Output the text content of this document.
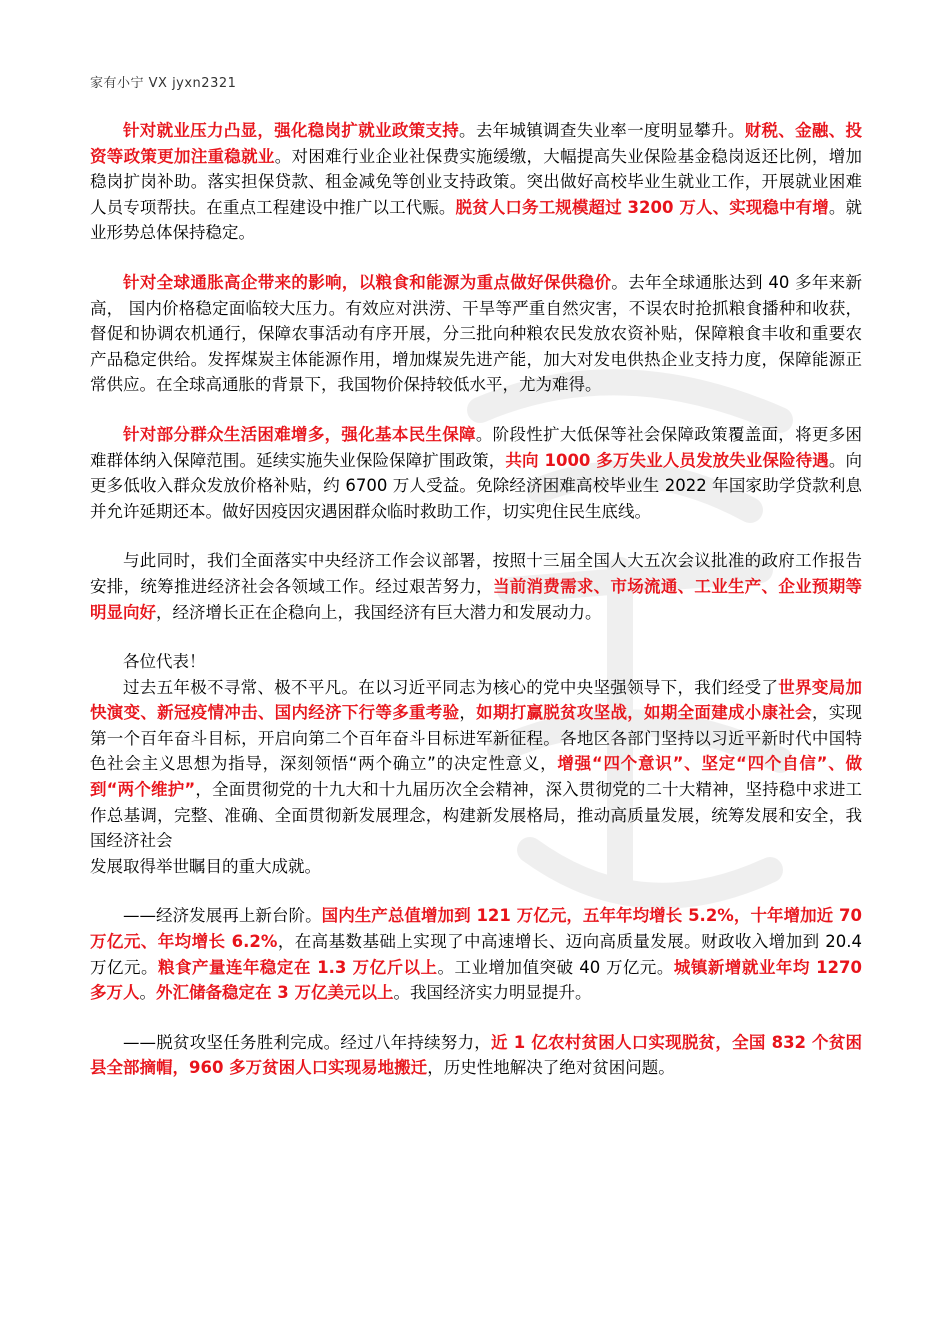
家有小宁 VX jyxn2321

针对就业压力凸显，强化稳岗扩就业政策支持。去年城镇调查失业率一度明显攀升。财税、金融、投资等政策更加注重稳就业。对困难行业企业社保费实施缓缴，大幅提高失业保险基金稳岗返还比例，增加稳岗扩岗补助。落实担保贷款、租金减免等创业支持政策。突出做好高校毕业生就业工作，开展就业困难人员专项帮扶。在重点工程建设中推广以工代赈。脱贫人口务工规模超过 3200 万人、实现稳中有增。就业形势总体保持稳定。

针对全球通胀高企带来的影响，以粮食和能源为重点做好保供稳价。去年全球通胀达到 40 多年来新高， 国内价格稳定面临较大压力。有效应对洪涝、干旱等严重自然灾害，不误农时抢抓粮食播种和收获，督促和协调农机通行，保障农事活动有序开展，分三批向种粮农民发放农资补贴，保障粮食丰收和重要农产品稳定供给。发挥煤炭主体能源作用，增加煤炭先进产能，加大对发电供热企业支持力度，保障能源正常供应。在全球高通胀的背景下，我国物价保持较低水平，尤为难得。

针对部分群众生活困难增多，强化基本民生保障。阶段性扩大低保等社会保障政策覆盖面，将更多困难群体纳入保障范围。延续实施失业保险保障扩围政策，共向 1000 多万失业人员发放失业保险待遇。向更多低收入群众发放价格补贴，约 6700 万人受益。免除经济困难高校毕业生 2022 年国家助学贷款利息并允许延期还本。做好因疫因灾遇困群众临时救助工作，切实兜住民生底线。

与此同时，我们全面落实中央经济工作会议部署，按照十三届全国人大五次会议批准的政府工作报告安排，统筹推进经济社会各领域工作。经过艰苦努力，当前消费需求、市场流通、工业生产、企业预期等明显向好，经济增长正在企稳向上，我国经济有巨大潜力和发展动力。

各位代表！

过去五年极不寻常、极不平凡。在以习近平同志为核心的党中央坚强领导下，我们经受了世界变局加快演变、新冠疫情冲击、国内经济下行等多重考验，如期打赢脱贫攻坚战，如期全面建成小康社会，实现第一个百年奋斗目标，开启向第二个百年奋斗目标进军新征程。各地区各部门坚持以习近平新时代中国特色社会主义思想为指导，深刻领悟“两个确立”的决定性意义，增强“四个意识”、坚定“四个自信”、做到“两个维护”，全面贯彻党的十九大和十九届历次全会精神，深入贯彻党的二十大精神，坚持稳中求进工作总基调，完整、准确、全面贯彻新发展理念，构建新发展格局，推动高质量发展，统筹发展和安全，我国经济社会

发展取得举世瞩目的重大成就。

——经济发展再上新台阶。国内生产总值增加到 121 万亿元，五年年均增长 5.2%，十年增加近 70 万亿元、年均增长 6.2%，在高基数基础上实现了中高速增长、迈向高质量发展。财政收入增加到 20.4 万亿元。粮食产量连年稳定在 1.3 万亿斤以上。工业增加值突破 40 万亿元。城镇新增就业年均 1270 多万人。外汇储备稳定在 3 万亿美元以上。我国经济实力明显提升。

——脱贫攻坚任务胜利完成。经过八年持续努力，近 1 亿农村贫困人口实现脱贫，全国 832 个贫困县全部摘帽，960 多万贫困人口实现易地搬迁，历史性地解决了绝对贫困问题。
